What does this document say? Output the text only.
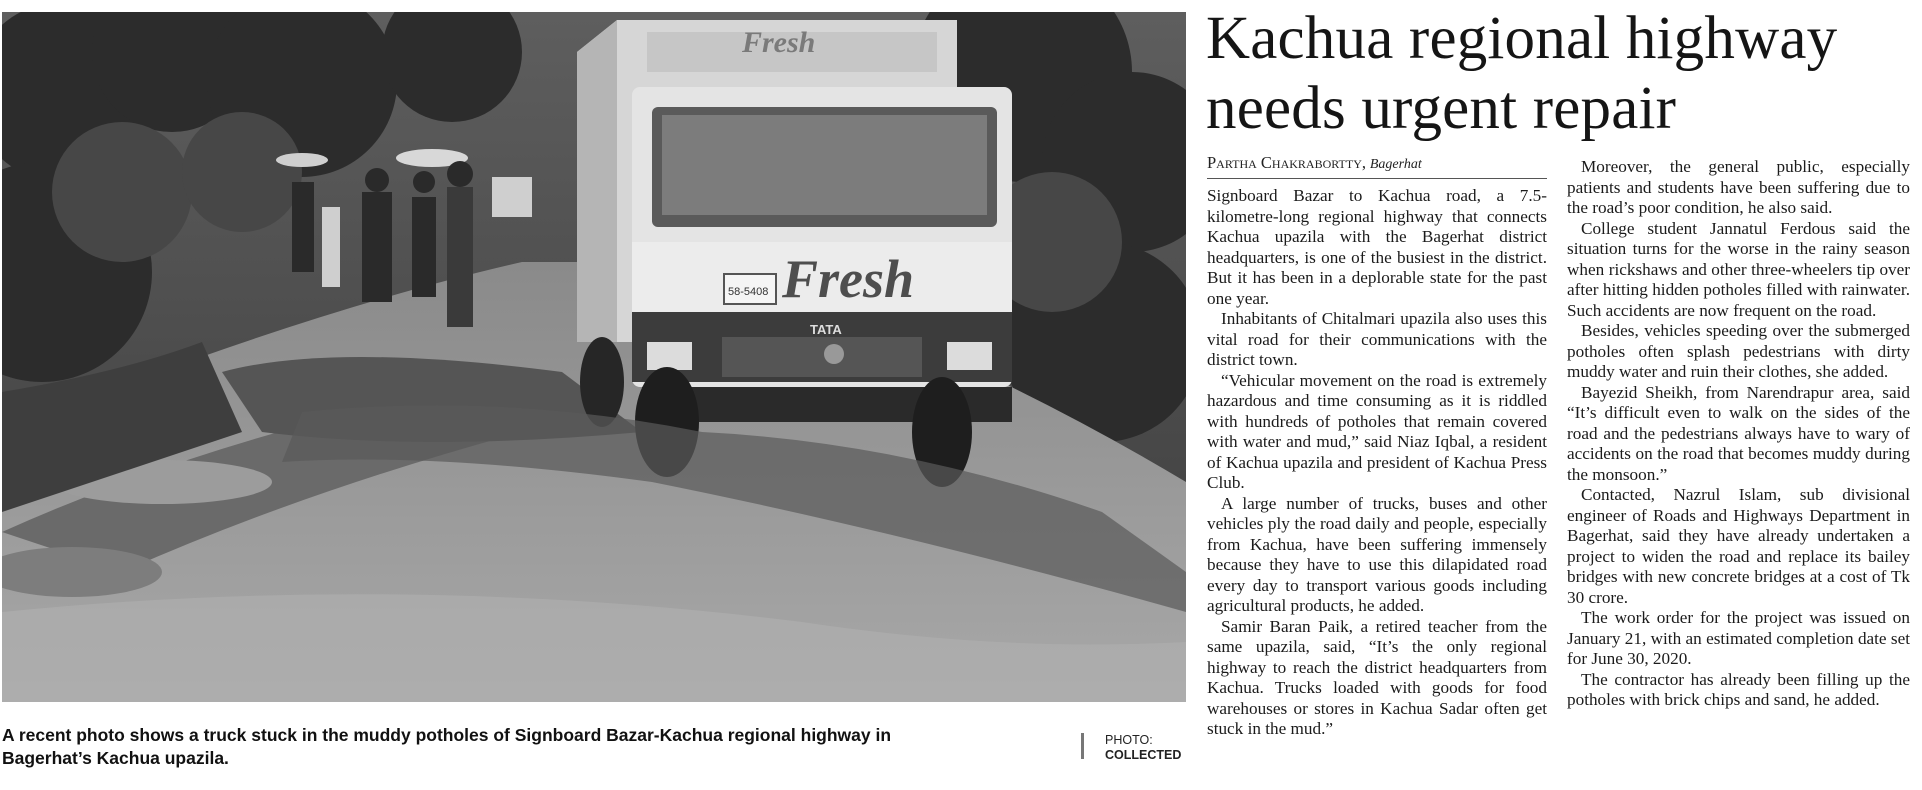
Fresh
Fresh
58-5408
TATA
A recent photo shows a truck stuck in the muddy potholes of Signboard Bazar-Kachua regional highway in Bagerhat’s Kachua upazila.
PHOTO:
COLLECTED
Kachua regional highway needs urgent repair
Partha Chakrabortty, Bagerhat

Signboard Bazar to Kachua road, a 7.5-kilometre-long regional highway that connects Kachua upazila with the Bagerhat district headquarters, is one of the busiest in the district. But it has been in a deplorable state for the past one year.

Inhabitants of Chitalmari upazila also uses this vital road for their communications with the district town.

“Vehicular movement on the road is extremely hazardous and time consuming as it is riddled with hundreds of potholes that remain covered with water and mud,” said Niaz Iqbal, a resident of Kachua upazila and president of Kachua Press Club.

A large number of trucks, buses and other vehicles ply the road daily and people, especially from Kachua, have been suffering immensely because they have to use this dilapidated road every day to transport various goods including agricultural products, he added.

Samir Baran Paik, a retired teacher from the same upazila, said, “It’s the only regional highway to reach the district headquarters from Kachua. Trucks loaded with goods for food warehouses or stores in Kachua Sadar often get stuck in the mud.”

Moreover, the general public, especially patients and students have been suffering due to the road’s poor condition, he also said.

College student Jannatul Ferdous said the situation turns for the worse in the rainy season when rickshaws and other three-wheelers tip over after hitting hidden potholes filled with rainwater. Such accidents are now frequent on the road.

Besides, vehicles speeding over the submerged potholes often splash pedestrians with dirty muddy water and ruin their clothes, she added.

Bayezid Sheikh, from Narendrapur area, said “It’s difficult even to walk on the sides of the road and the pedestrians always have to wary of accidents on the road that becomes muddy during the monsoon.”

Contacted, Nazrul Islam, sub divisional engineer of Roads and Highways Department in Bagerhat, said they have already undertaken a project to widen the road and replace its bailey bridges with new concrete bridges at a cost of Tk 30 crore.

The work order for the project was issued on January 21, with an estimated completion date set for June 30, 2020.

The contractor has already been filling up the potholes with brick chips and sand, he added.
